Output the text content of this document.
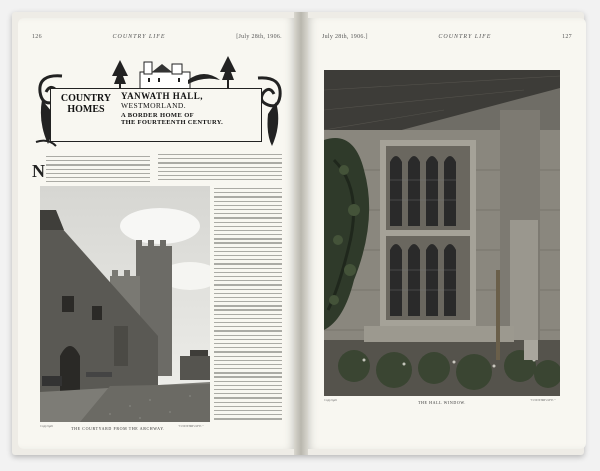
126	COUNTRY LIFE	[July 28th, 1906.
COUNTRY
HOMES
YANWATH HALL,
WESTMORLAND.
A BORDER HOME OF
THE FOURTEENTH CENTURY.
N
Copyright	"COUNTRY LIFE."
THE COURTYARD FROM THE ARCHWAY.
July 28th, 1906.]	COUNTRY LIFE	127
Copyright	"COUNTRY LIFE."
THE HALL WINDOW.
